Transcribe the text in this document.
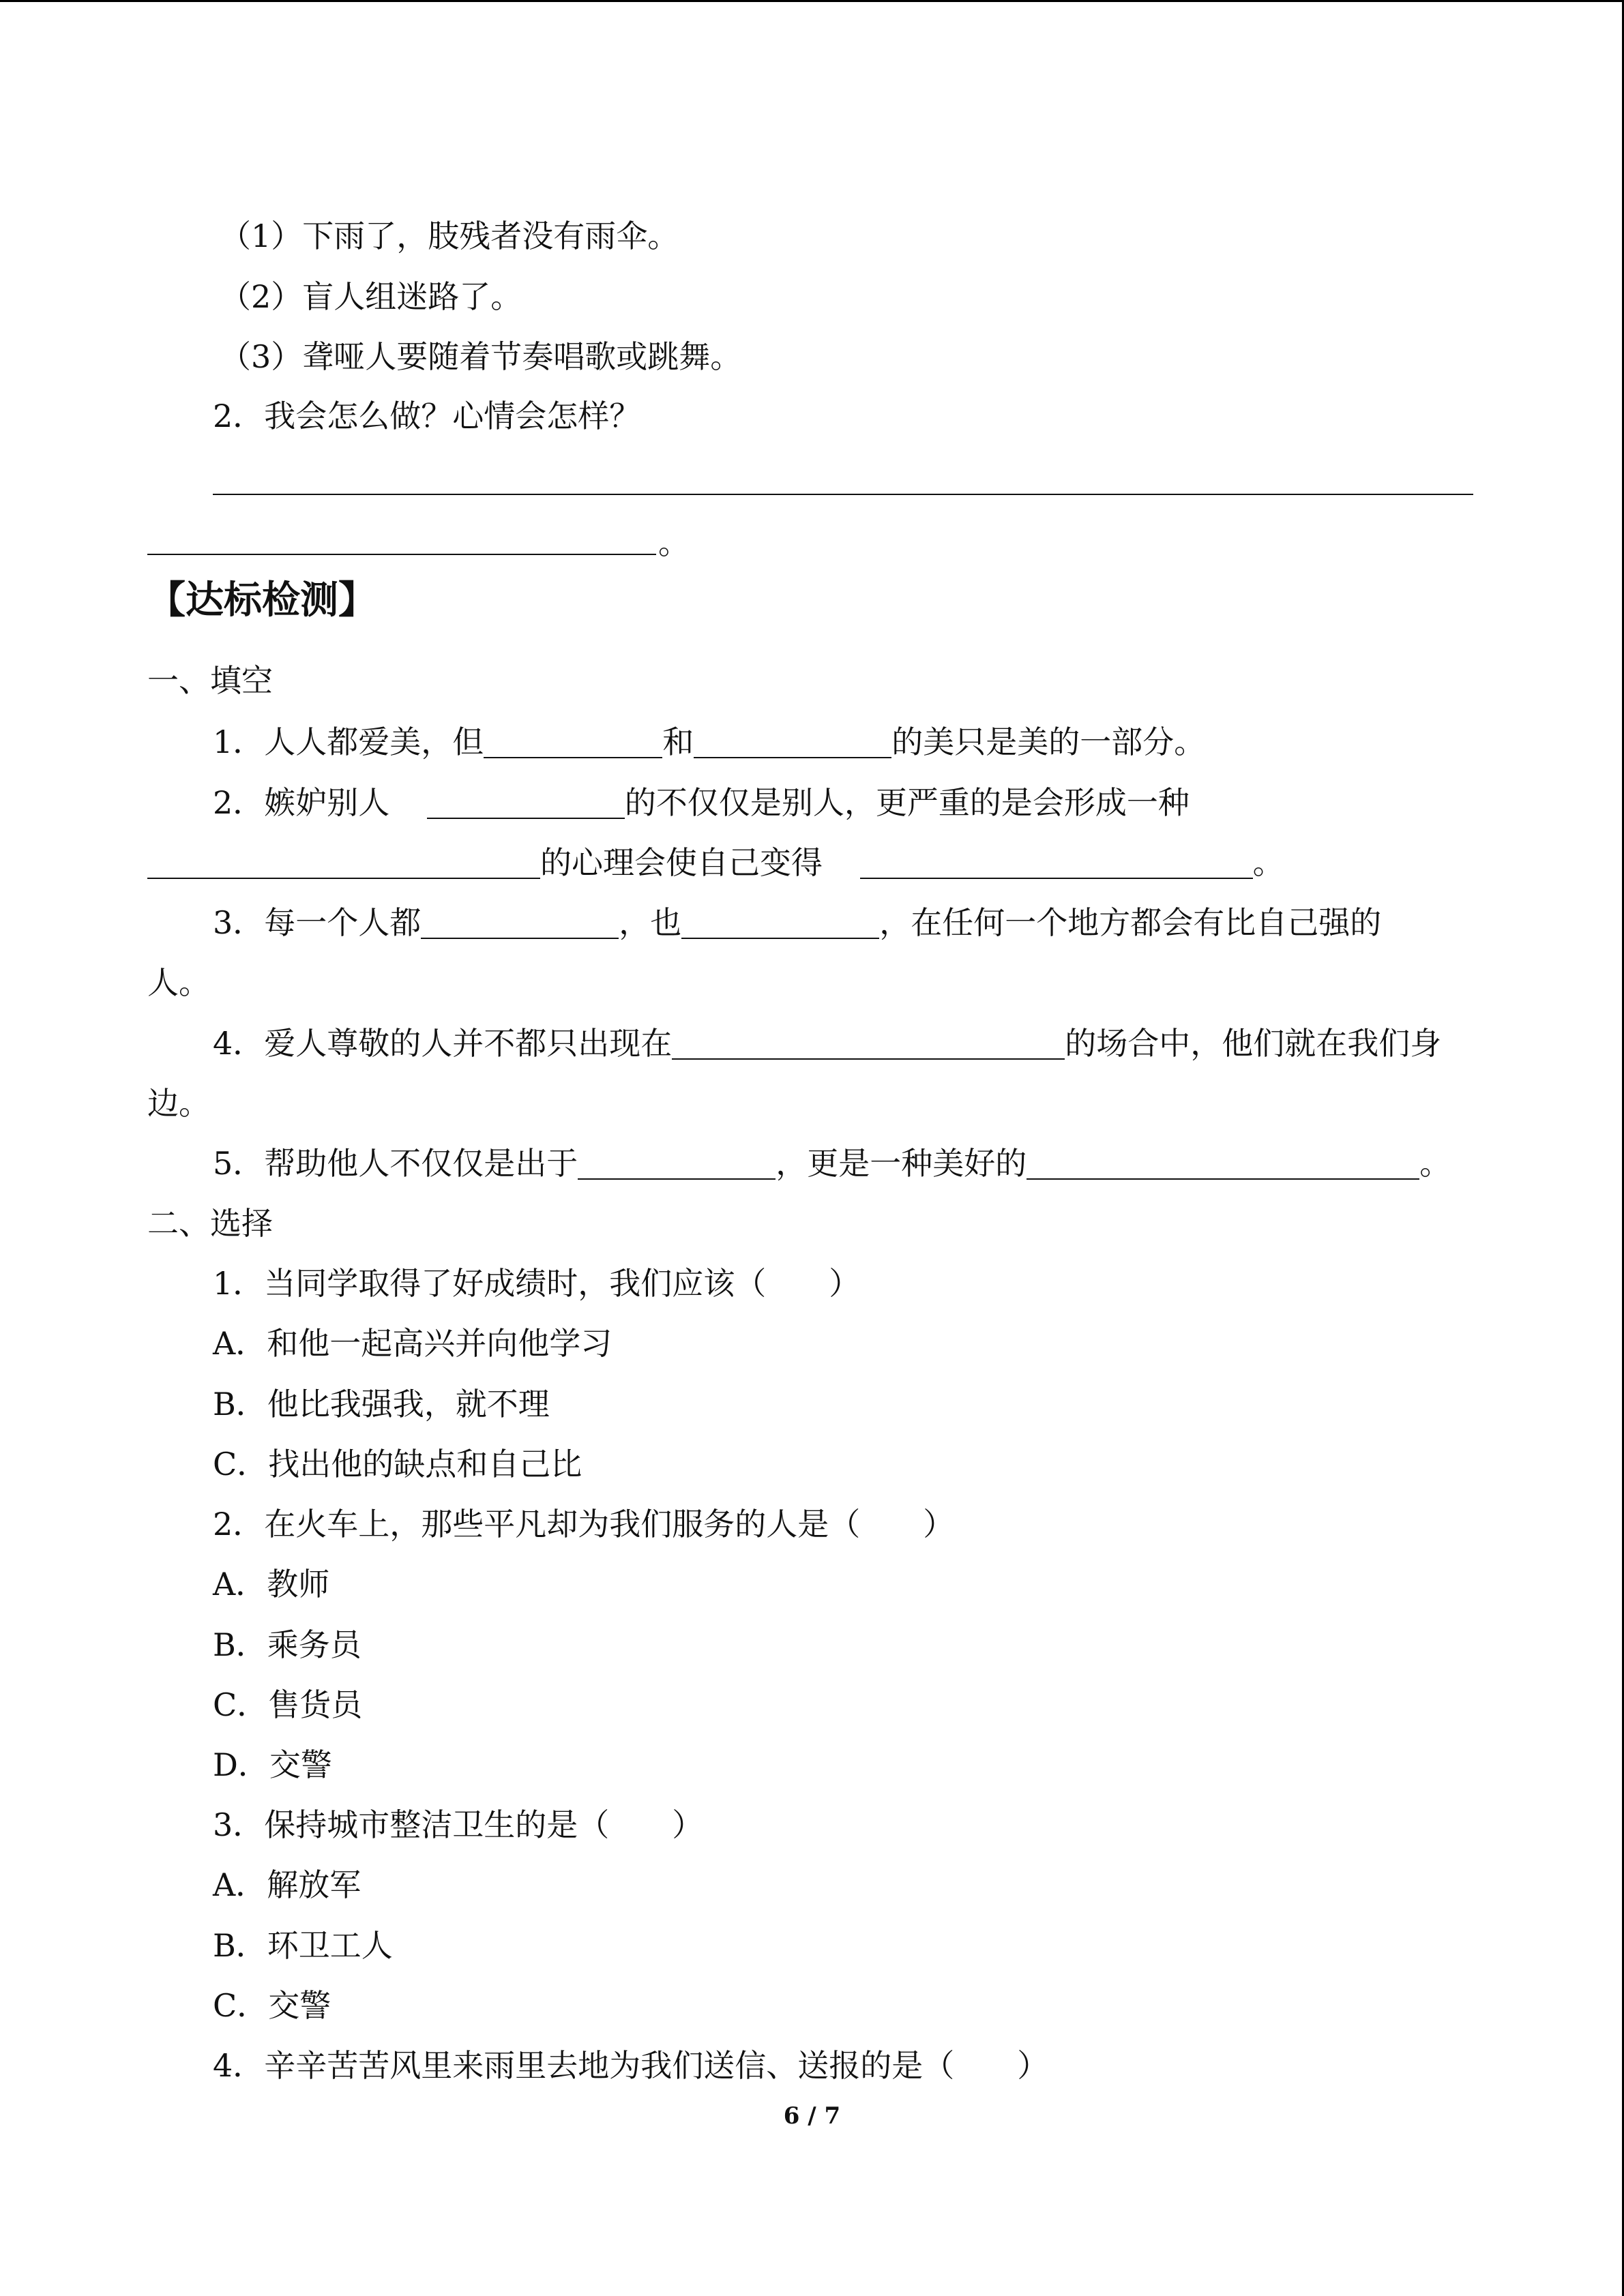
（1）下雨了，肢残者没有雨伞。
（2）盲人组迷路了。
（3）聋哑人要随着节奏唱歌或跳舞。
2．我会怎么做？心情会怎样？
。
【达标检测】
一、填空
1．人人都爱美，但	和	的美只是美的一部分。
2．嫉妒别人	的不仅仅是别人，更严重的是会形成一种
的心理会使自己变得	。
3．每一个人都	，也	，在任何一个地方都会有比自己强的
人。
4．爱人尊敬的人并不都只出现在	的场合中，他们就在我们身
边。
5．帮助他人不仅仅是出于	，更是一种美好的	。
二、选择
1．当同学取得了好成绩时，我们应该（　　）
A．和他一起高兴并向他学习
B．他比我强我，就不理
C．找出他的缺点和自己比
2．在火车上，那些平凡却为我们服务的人是（　　）
A．教师
B．乘务员
C．售货员
D．交警
3．保持城市整洁卫生的是（　　）
A．解放军
B．环卫工人
C．交警
4．辛辛苦苦风里来雨里去地为我们送信、送报的是（　　）
6 / 7
